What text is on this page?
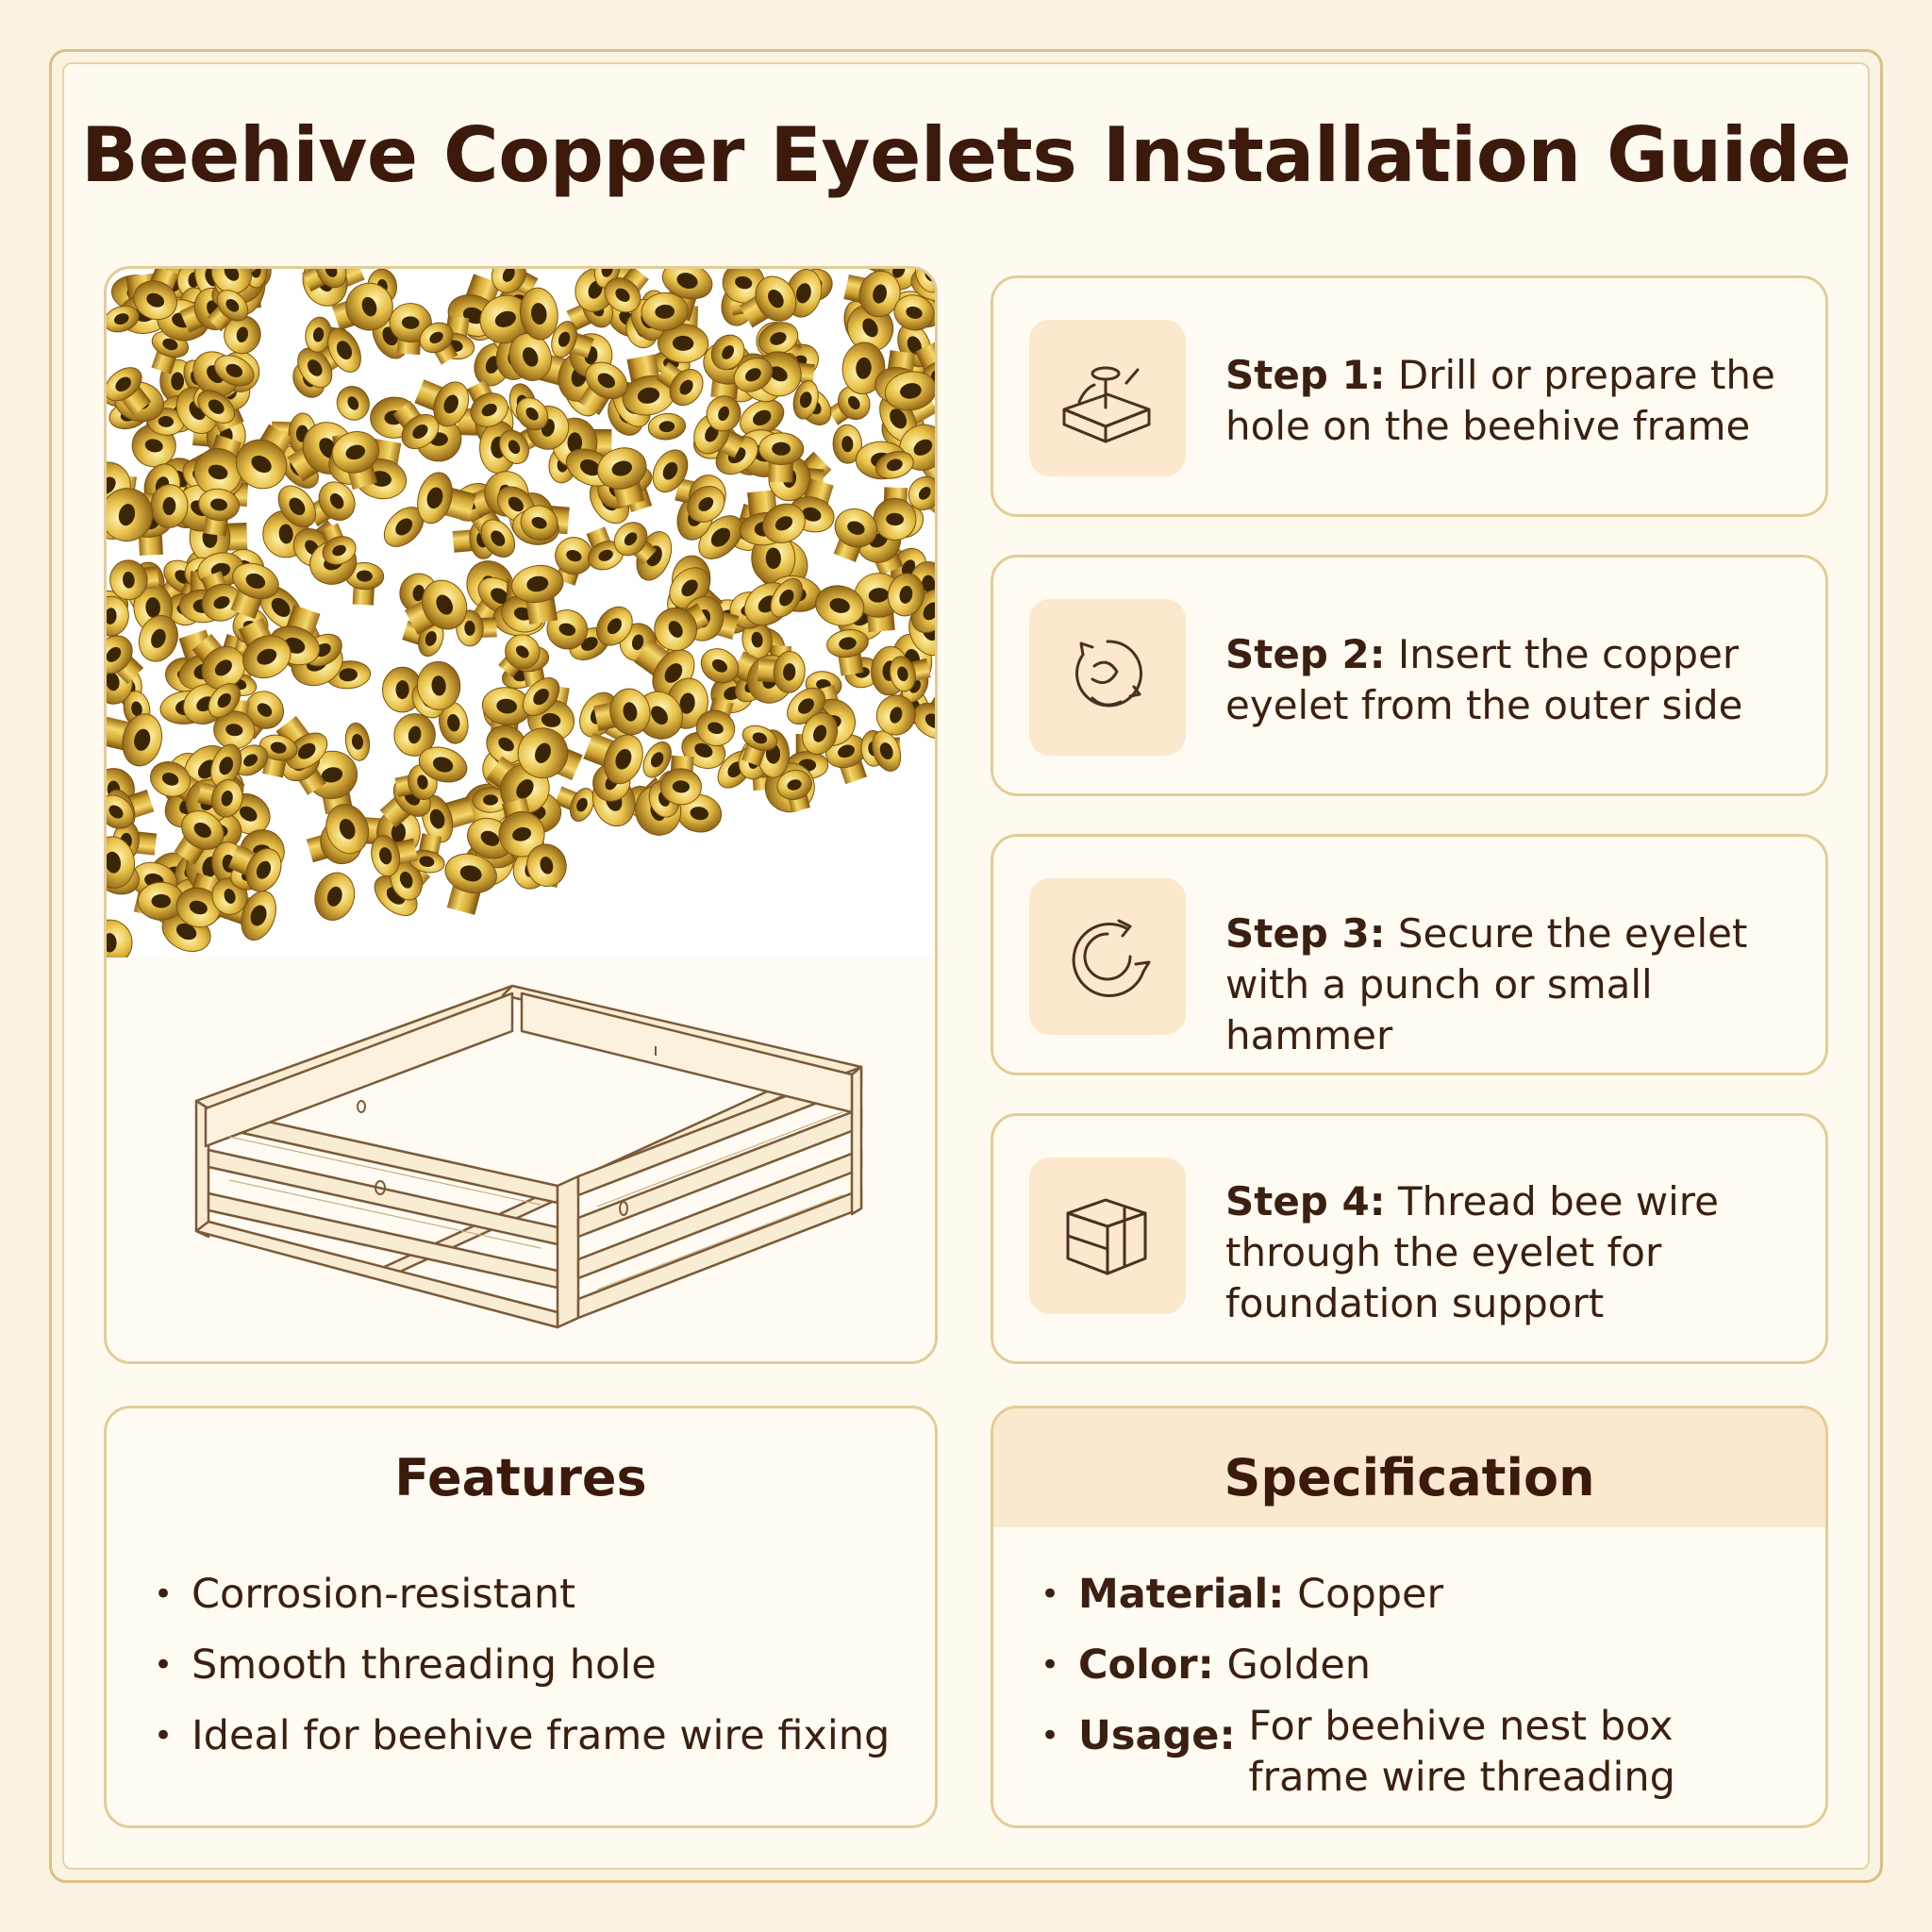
Beehive Copper Eyelets Installation Guide
Step 1: Drill or prepare the hole on the beehive frame
Step 2: Insert the copper eyelet from the outer side
Step 3: Secure the eyelet with a punch or small hammer
Step 4: Thread bee wire through the eyelet for foundation support
Features
• Corrosion-resistant
• Smooth threading hole
• Ideal for beehive frame wire fixing
Specification
• Material: Copper
• Color: Golden
• Usage: For beehive nest box frame wire threading
